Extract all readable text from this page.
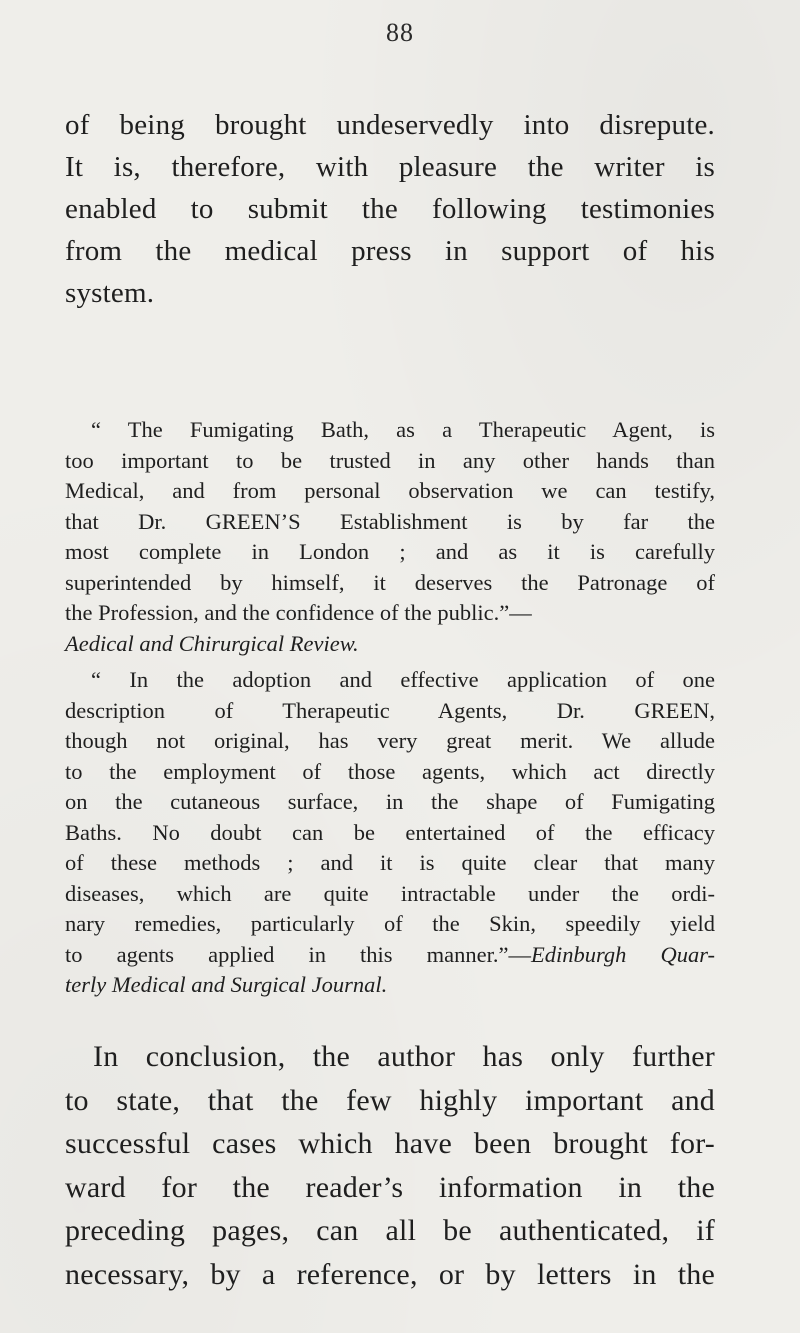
88
of being brought undeservedly into disrepute.
It is, therefore, with pleasure the writer is
enabled to submit the following testimonies
from the medical press in support of his
system.
“ The Fumigating Bath, as a Therapeutic Agent, is
too important to be trusted in any other hands than
Medical, and from personal observation we can testify,
that Dr. GREEN’S Establishment is by far the
most complete in London ; and as it is carefully
superintended by himself, it deserves the Patronage of
the Profession, and the confidence of the public.”—
Aedical and Chirurgical Review.
“ In the adoption and effective application of one
description of Therapeutic Agents, Dr. GREEN,
though not original, has very great merit. We allude
to the employment of those agents, which act directly
on the cutaneous surface, in the shape of Fumigating
Baths. No doubt can be entertained of the efficacy
of these methods ; and it is quite clear that many
diseases, which are quite intractable under the ordi-
nary remedies, particularly of the Skin, speedily yield
to agents applied in this manner.”—Edinburgh Quar-
terly Medical and Surgical Journal.
In conclusion, the author has only further
to state, that the few highly important and
successful cases which have been brought for-
ward for the reader’s information in the
preceding pages, can all be authenticated, if
necessary, by a reference, or by letters in the
